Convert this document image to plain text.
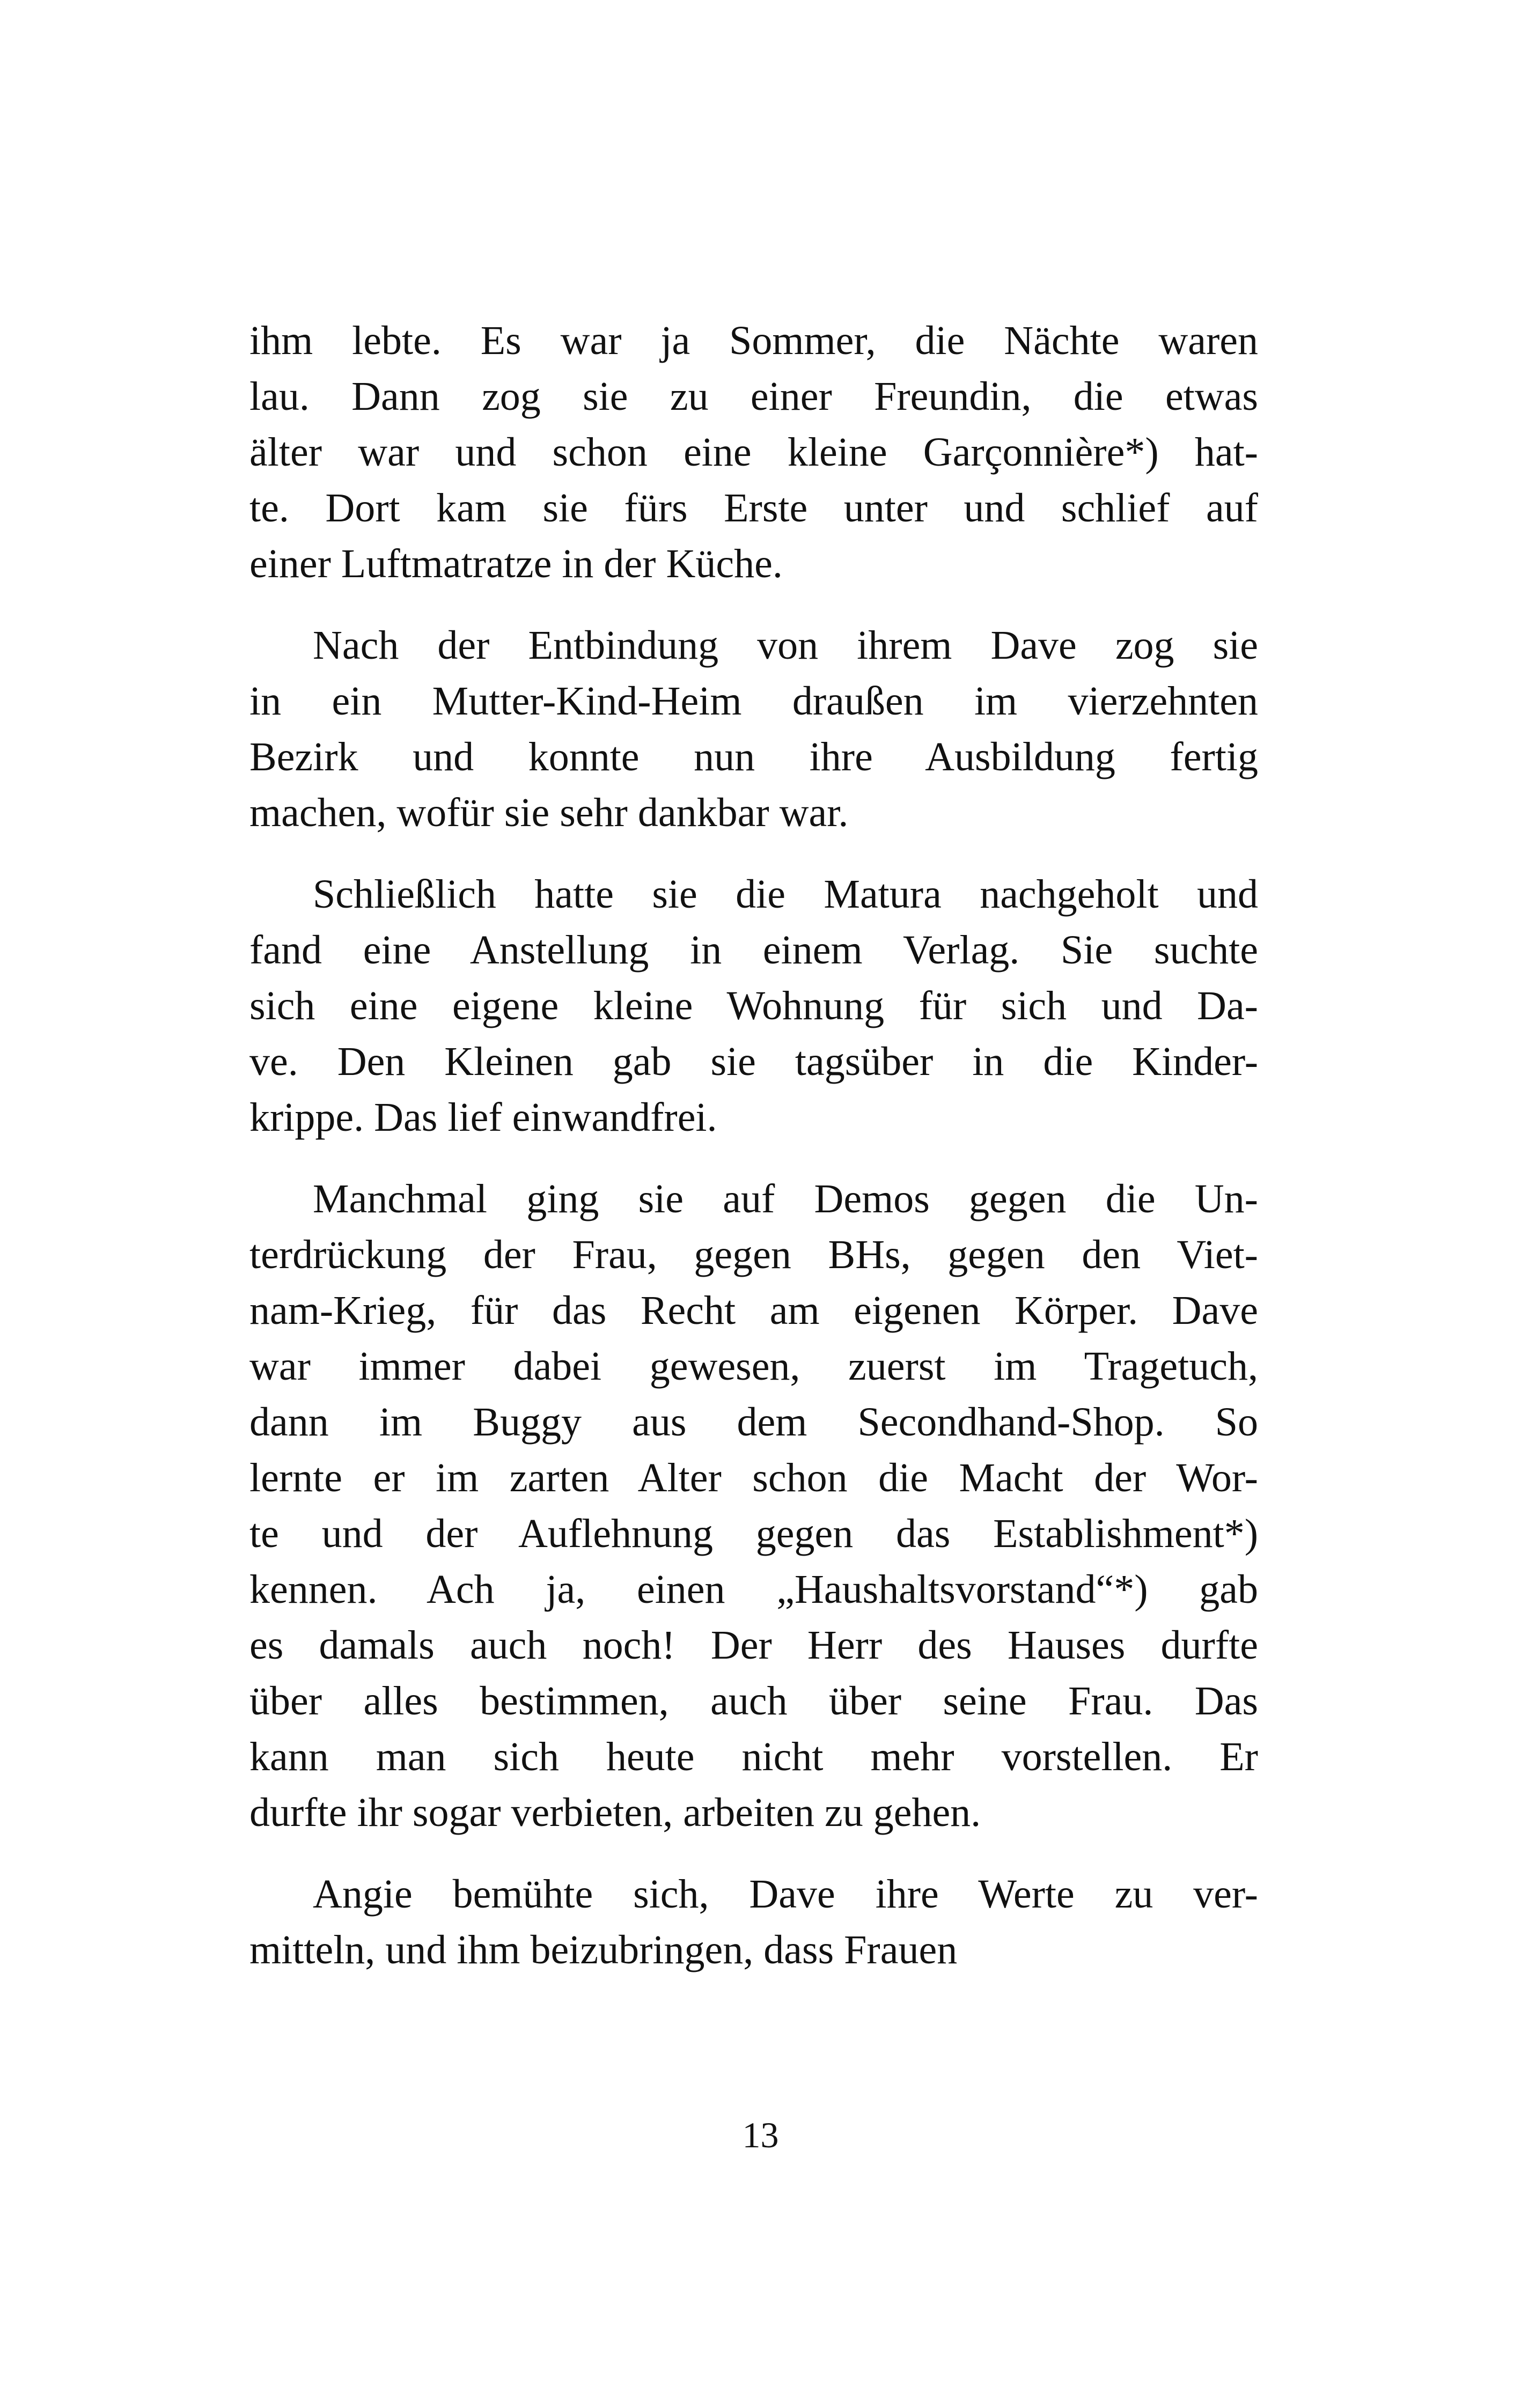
ihm lebte. Es war ja Sommer, die Nächte waren
lau. Dann zog sie zu einer Freundin, die etwas
älter war und schon eine kleine Garçonnière*) hat-
te. Dort kam sie fürs Erste unter und schlief auf
einer Luftmatratze in der Küche.
Nach der Entbindung von ihrem Dave zog sie
in ein Mutter-Kind-Heim draußen im vierzehnten
Bezirk und konnte nun ihre Ausbildung fertig
machen, wofür sie sehr dankbar war.
Schließlich hatte sie die Matura nachgeholt und
fand eine Anstellung in einem Verlag. Sie suchte
sich eine eigene kleine Wohnung für sich und Da-
ve. Den Kleinen gab sie tagsüber in die Kinder-
krippe. Das lief einwandfrei.
Manchmal ging sie auf Demos gegen die Un-
terdrückung der Frau, gegen BHs, gegen den Viet-
nam-Krieg, für das Recht am eigenen Körper. Dave
war immer dabei gewesen, zuerst im Tragetuch,
dann im Buggy aus dem Secondhand-Shop. So
lernte er im zarten Alter schon die Macht der Wor-
te und der Auflehnung gegen das Establishment*)
kennen. Ach ja, einen „Haushaltsvorstand“*) gab
es damals auch noch! Der Herr des Hauses durfte
über alles bestimmen, auch über seine Frau. Das
kann man sich heute nicht mehr vorstellen. Er
durfte ihr sogar verbieten, arbeiten zu gehen.
Angie bemühte sich, Dave ihre Werte zu ver-
mitteln, und ihm beizubringen, dass Frauen
13
